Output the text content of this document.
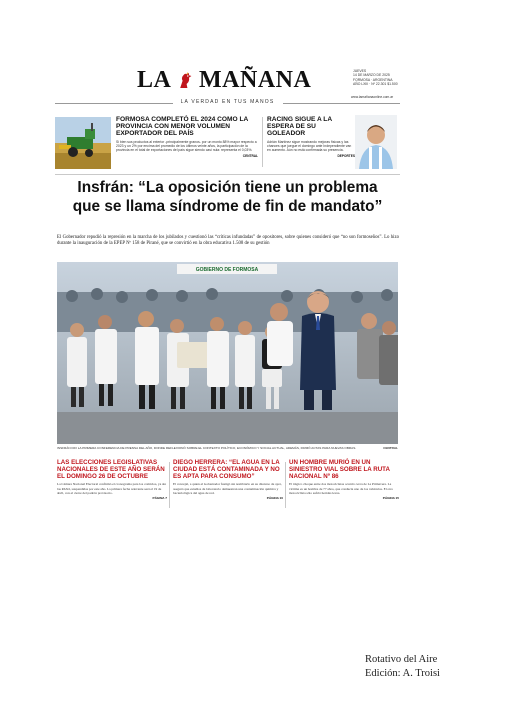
LA MAÑANA	JUEVES
14 DE MARZO DE 2025
FORMOSA · ARGENTINA
AÑO LXIII · Nº 22.301 $1.500
www.lamañanaonline.com.ar
LA VERDAD EN TUS MANOS
FORMOSA COMPLETÓ EL 2024 COMO LA PROVINCIA CON MENOR VOLUMEN EXPORTADOR DEL PAÍS
Si bien sus productos al exterior -principalmente granos- por un monto 88% mayor respecto a 2023 y un 2% por encima del promedio de los últimos veinte años, la participación de la provincia en el total de exportaciones del país sigue siendo casi nula: representa el 0,03%.
CENTRAL
RACING SIGUE A LA ESPERA DE SU GOLEADOR
Adrián Martínez sigue mostrando mejoras físicas y las chances que juegue el domingo ante Independiente van en aumento. Aún no está confirmada su presencia.
DEPORTES
Insfrán: “La oposición tiene un problema
que se llama síndrome de fin de mandato”
El Gobernador repudió la represión en la marcha de los jubilados y cuestionó las “críticas infundadas” de opositores, sobre quienes consideró que “no son formoseños”. Lo hizo durante la inauguración de la EPEP Nº 158 de Pirané, que se convirtió en la obra educativa 1.508 de su gestión
GOBIERNO DE FORMOSA
INSFRÁN DIO LA PRIMERA CONFERENCIA DE PRENSA DEL AÑO, DONDE REFLEXIONÓ SOBRE EL CONTEXTO POLÍTICO, ECONÓMICO Y SOCIAL ACTUAL, ADEMÁS, FIRMÓ ACTAS PARA NUEVAS OBRAS.	CENTRAL
LAS ELECCIONES LEGISLATIVAS NACIONALES DE ESTE AÑO SERÁN EL DOMINGO 26 DE OCTUBRE
La Cámara Nacional Electoral confirmó el cronograma para los comicios, ya sin las PASO, suspendidas por este año. La primera fecha relevante será el 19 de abril, con el cierre del padrón provisorio.
PÁGINA 7
DIEGO HERRERA: “EL AGUA EN LA CIUDAD ESTÁ CONTAMINADA Y NO ES APTA PARA CONSUMO”
El concejal, a quien el Gobernador fustigó sin nombrarlo en su discurso de ayer, aseguró que estudios de laboratorio demuestran una contaminación química y bacteriológica del agua de red.
PÁGINA 10
UN HOMBRE MURIÓ EN UN SINIESTRO VIAL SOBRE LA RUTA NACIONAL Nº 86
El trágico choque entre dos motocicletas ocurrió cerca de La Primavera. La víctima es un hombre de 77 años, que conducía uno de los vehículos. El otro motociclista sólo sufrió heridas leves.
PÁGINA 15
Rotativo del Aire
Edición: A. Troisi
